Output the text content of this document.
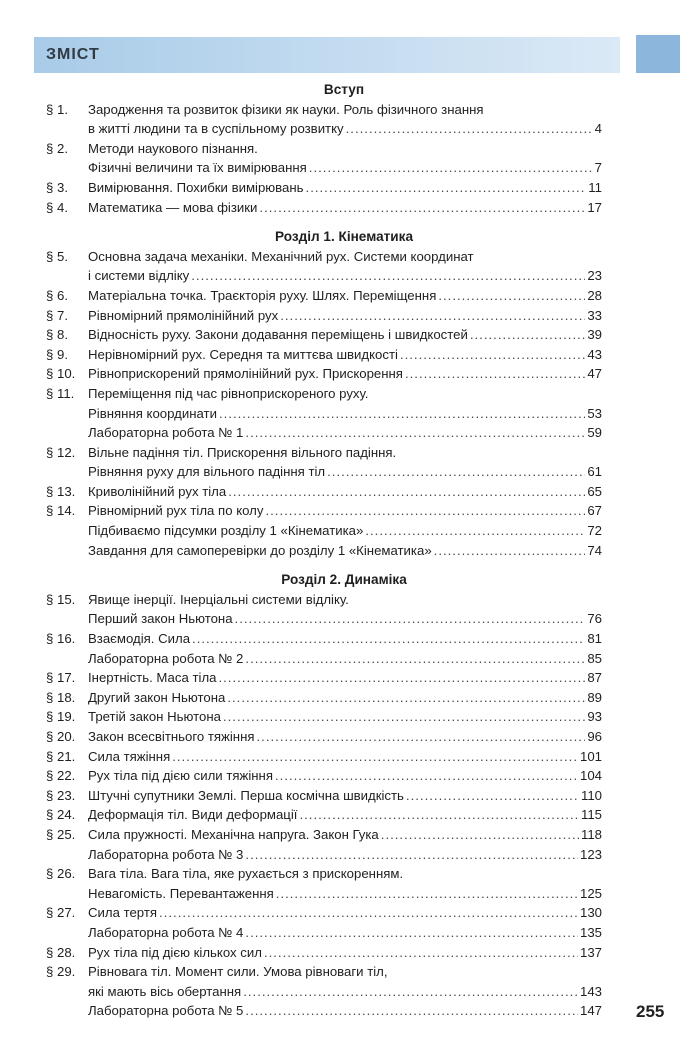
ЗМІСТ
Вступ
§ 1.	Зародження та розвиток фізики як науки. Роль фізичного знання
в житті людини та в суспільному розвитку .....	4
§ 2.	Методи наукового пізнання.
Фізичні величини та їх вимірювання .....	7
§ 3.	Вимірювання. Похибки вимірювань .....	11
§ 4.	Математика — мова фізики .....	17
Розділ 1. Кінематика
§ 5.	Основна задача механіки. Механічний рух. Системи координат
і системи відліку .....	23
§ 6.	Матеріальна точка. Траєкторія руху. Шлях. Переміщення .....	28
§ 7.	Рівномірний прямолінійний рух .....	33
§ 8.	Відносність руху. Закони додавання переміщень і швидкостей .....	39
§ 9.	Нерівномірний рух. Середня та миттєва швидкості .....	43
§ 10. Рівноприскорений прямолінійний рух. Прискорення .....	47
§ 11.	Переміщення під час рівноприскореного руху.
Рівняння координати .....	53
Лабораторна робота № 1 .....	59
§ 12. Вільне падіння тіл. Прискорення вільного падіння.
Рівняння руху для вільного падіння тіл .....	61
§ 13. Криволінійний рух тіла .....	65
§ 14. Рівномірний рух тіла по колу .....	67
Підбиваємо підсумки розділу 1 «Кінематика» .....	72
Завдання для самоперевірки до розділу 1 «Кінематика» .....	74
Розділ 2. Динаміка
§ 15. Явище інерції. Інерціальні системи відліку.
Перший закон Ньютона .....	76
§ 16. Взаємодія. Сила .....	81
Лабораторна робота № 2 .....	85
§ 17. Інертність. Маса тіла .....	87
§ 18. Другий закон Ньютона .....	89
§ 19. Третій закон Ньютона .....	93
§ 20. Закон всесвітнього тяжіння .....	96
§ 21. Сила тяжіння .....	101
§ 22. Рух тіла під дією сили тяжіння .....	104
§ 23. Штучні супутники Землі. Перша космічна швидкість .....	110
§ 24. Деформація тіл. Види деформації .....	115
§ 25. Сила пружності. Механічна напруга. Закон Гука .....	118
Лабораторна робота № 3 .....	123
§ 26. Вага тіла. Вага тіла, яке рухається з прискоренням.
Невагомість. Перевантаження .....	125
§ 27. Сила тертя .....	130
Лабораторна робота № 4 .....	135
§ 28. Рух тіла під дією кількох сил .....	137
§ 29. Рівновага тіл. Момент сили. Умова рівноваги тіл,
які мають вісь обертання .....	143
Лабораторна робота № 5 .....	147 255
